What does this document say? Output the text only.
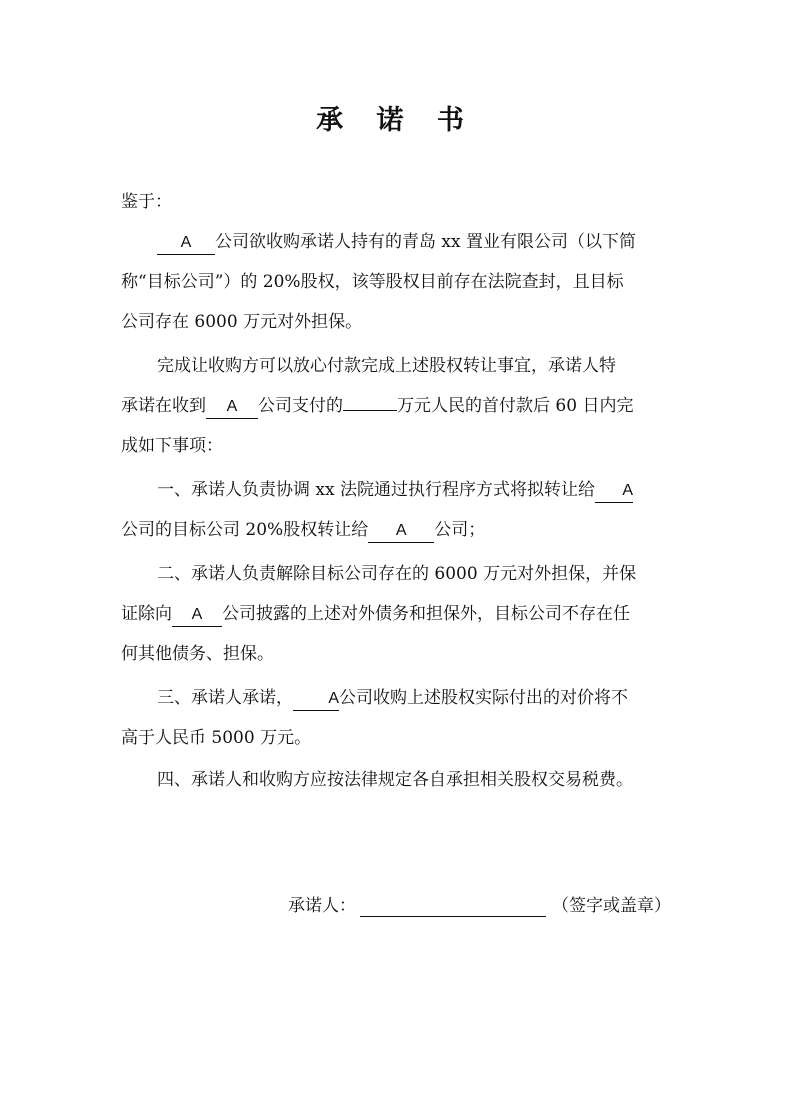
承 诺 书
鉴于：
A 公司欲收购承诺人持有的青岛 xx 置业有限公司（以下简
称“目标公司”）的 20%股权，该等股权目前存在法院查封，且目标
公司存在 6000 万元对外担保。
完成让收购方可以放心付款完成上述股权转让事宜，承诺人特
承诺在收到 A 公司支付的	万元人民的首付款后 60 日内完
成如下事项：
一、承诺人负责协调 xx 法院通过执行程序方式将拟转让给 A
公司的目标公司 20%股权转让给 A 公司；
二、承诺人负责解除目标公司存在的 6000 万元对外担保，并保
证除向 A 公司披露的上述对外债务和担保外，目标公司不存在任
何其他债务、担保。
三、承诺人承诺， A公司收购上述股权实际付出的对价将不
高于人民币 5000 万元。
四、承诺人和收购方应按法律规定各自承担相关股权交易税费。
承诺人：	（签字或盖章）
